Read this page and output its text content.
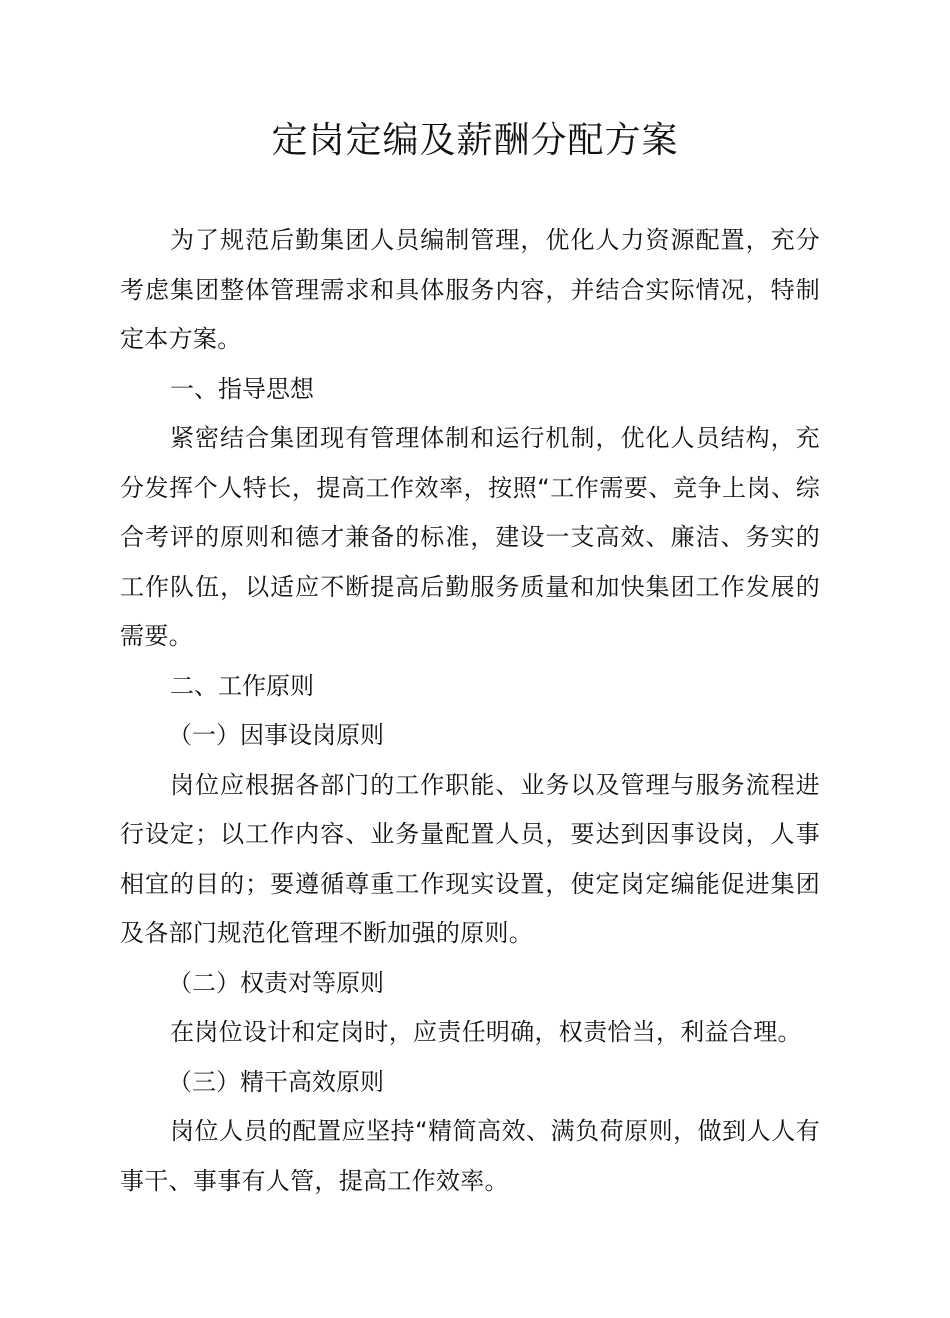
定岗定编及薪酬分配方案

为了规范后勤集团人员编制管理，优化人力资源配置，充分考虑集团整体管理需求和具体服务内容，并结合实际情况，特制定本方案。

一、指导思想

紧密结合集团现有管理体制和运行机制，优化人员结构，充分发挥个人特长，提高工作效率，按照“工作需要、竞争上岗、综合考评的原则和德才兼备的标准，建设一支高效、廉洁、务实的工作队伍，以适应不断提高后勤服务质量和加快集团工作发展的需要。

二、工作原则

（一）因事设岗原则

岗位应根据各部门的工作职能、业务以及管理与服务流程进行设定；以工作内容、业务量配置人员，要达到因事设岗，人事相宜的目的；要遵循尊重工作现实设置，使定岗定编能促进集团及各部门规范化管理不断加强的原则。

（二）权责对等原则

在岗位设计和定岗时，应责任明确，权责恰当，利益合理。

（三）精干高效原则

岗位人员的配置应坚持“精简高效、满负荷原则，做到人人有事干、事事有人管，提高工作效率。
